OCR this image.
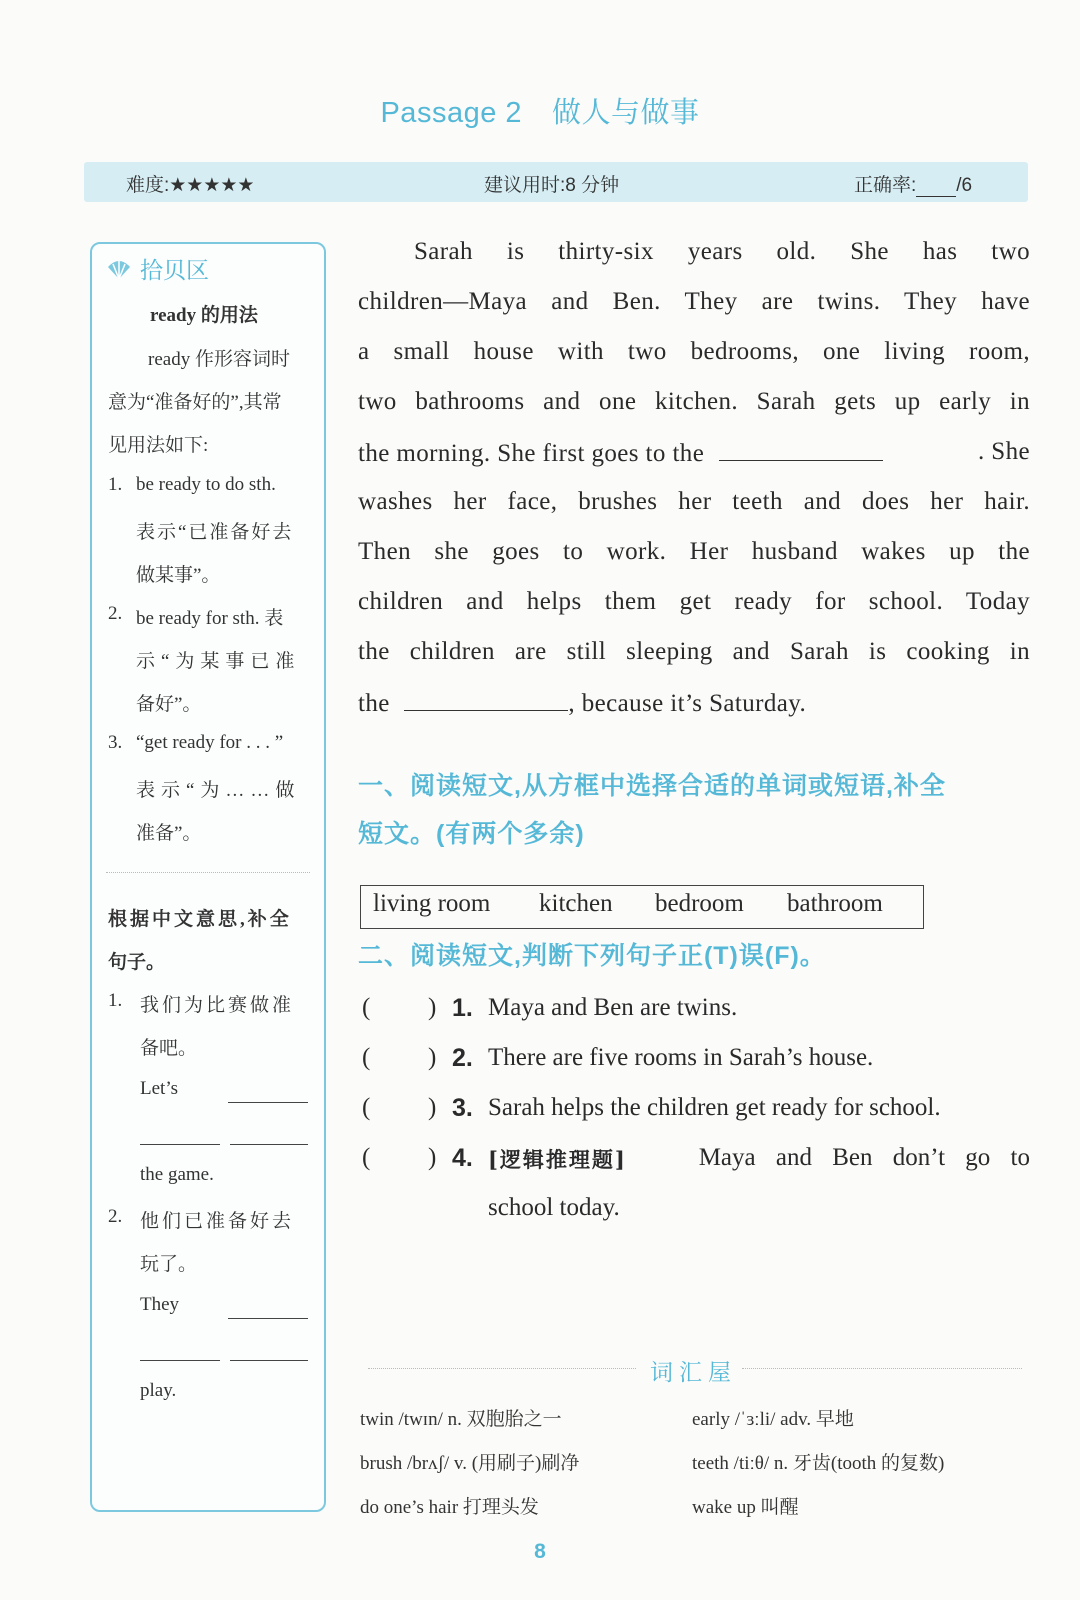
Passage 2 做人与做事
难度:★★★★★	建议用时:8 分钟	正确率: /6
拾贝区
ready 的用法
ready 作形容词时
意为“准备好的”,其常
见用法如下:
1. be ready to do sth.
表示“已准备好去
做某事”。
2. be ready for sth. 表
示“为某事已准
备好”。
3. “get ready for . . . ”
表示“为……做
准备”。
根据中文意思,补全
句子。
1. 我们为比赛做准
备吧。
Let’s
the game.
2. 他们已准备好去
玩了。
They
play.
Sarah is thirty-six years old. She has two
children—Maya and Ben. They are twins. They have
a small house with two bedrooms, one living room,
two bathrooms and one kitchen. Sarah gets up early in
the morning. She first goes to the	. She
washes her face, brushes her teeth and does her hair.
Then she goes to work. Her husband wakes up the
children and helps them get ready for school. Today
the children are still sleeping and Sarah is cooking in
the	, because it’s Saturday.
一、阅读短文,从方框中选择合适的单词或短语,补全
短文。(有两个多余)
living room kitchen bedroom bathroom
二、阅读短文,判断下列句子正(T)误(F)。
( ) 1. Maya and Ben are twins.
( ) 2. There are five rooms in Sarah’s house.
( ) 3. Sarah helps the children get ready for school.
( ) 4. [逻辑推理题]	Maya and Ben don’t go to
school today.
词汇屋
twin /twɪn/ n. 双胞胎之一	early /ˈɜːli/ adv. 早地
brush /brʌʃ/ v. (用刷子)刷净	teeth /tiːθ/ n. 牙齿(tooth 的复数)
do one’s hair 打理头发	wake up 叫醒
8
